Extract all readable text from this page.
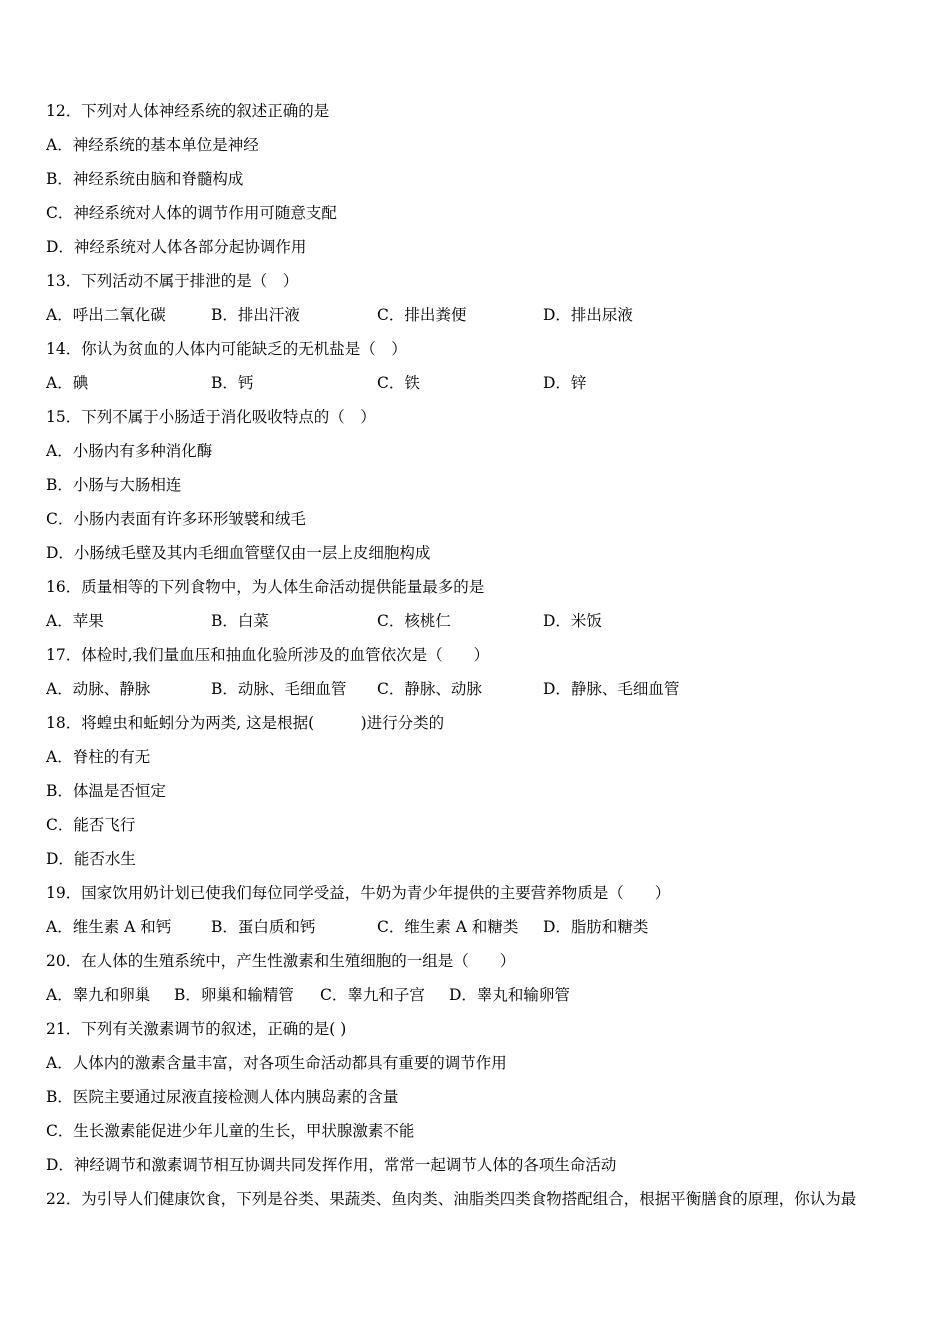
12．下列对人体神经系统的叙述正确的是
A．神经系统的基本单位是神经
B．神经系统由脑和脊髓构成
C．神经系统对人体的调节作用可随意支配
D．神经系统对人体各部分起协调作用
13．下列活动不属于排泄的是（　）
A．呼出二氧化碳	B．排出汗液	C．排出粪便	D．排出尿液
14．你认为贫血的人体内可能缺乏的无机盐是（　）
A．碘	B．钙	C．铁	D．锌
15．下列不属于小肠适于消化吸收特点的（　）
A．小肠内有多种消化酶
B．小肠与大肠相连
C．小肠内表面有许多环形皱襞和绒毛
D．小肠绒毛壁及其内毛细血管壁仅由一层上皮细胞构成
16．质量相等的下列食物中，为人体生命活动提供能量最多的是
A．苹果	B．白菜	C．核桃仁	D．米饭
17．体检时,我们量血压和抽血化验所涉及的血管依次是（　　）
A．动脉、静脉	B．动脉、毛细血管 C．静脉、动脉	D．静脉、毛细血管
18．将蝗虫和蚯蚓分为两类, 这是根据(　　　)进行分类的
A．脊柱的有无
B．体温是否恒定
C．能否飞行
D．能否水生
19．国家饮用奶计划已使我们每位同学受益，牛奶为青少年提供的主要营养物质是（　　）
A．维生素 A 和钙	B．蛋白质和钙	C．维生素 A 和糖类 D．脂肪和糖类
20．在人体的生殖系统中，产生性激素和生殖细胞的一组是（　　）
A．睾九和卵巢 B．卵巢和输精管 C．睾九和子宫 D．睾丸和输卵管
21．下列有关激素调节的叙述，正确的是( )
A．人体内的激素含量丰富，对各项生命活动都具有重要的调节作用
B．医院主要通过尿液直接检测人体内胰岛素的含量
C．生长激素能促进少年儿童的生长，甲状腺激素不能
D．神经调节和激素调节相互协调共同发挥作用，常常一起调节人体的各项生命活动
22．为引导人们健康饮食，下列是谷类、果蔬类、鱼肉类、油脂类四类食物搭配组合，根据平衡膳食的原理，你认为最
